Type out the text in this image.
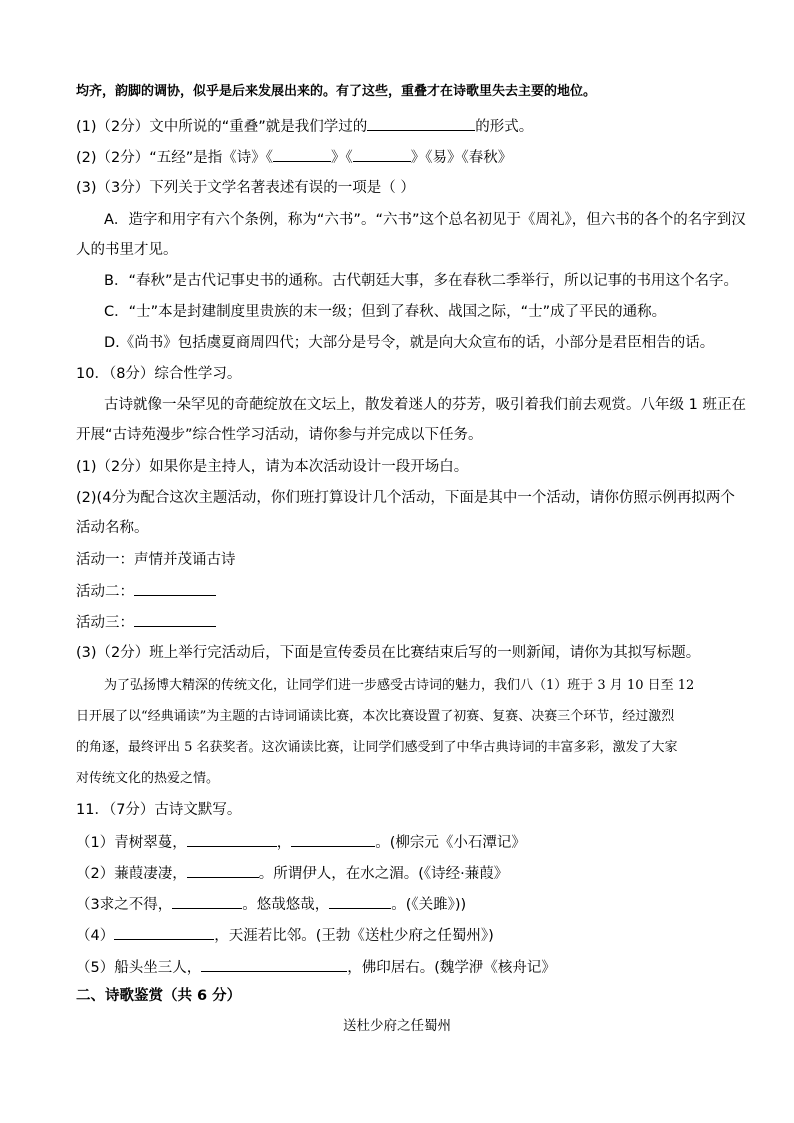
均齐，韵脚的调协，似乎是后来发展出来的。有了这些，重叠才在诗歌里失去主要的地位。
(1)（2分）文中所说的“重叠”就是我们学过的	的形式。
(2)（2分）“五经”是指《诗》《	》《	》《易》《春秋》
(3)（3分）下列关于文学名著表述有误的一项是（ ）
A．造字和用字有六个条例，称为“六书”。“六书”这个总名初见于《周礼》，但六书的各个的名字到汉
人的书里才见。
B．“春秋”是古代记事史书的通称。古代朝廷大事，多在春秋二季举行，所以记事的书用这个名字。
C．“士”本是封建制度里贵族的末一级；但到了春秋、战国之际，“士”成了平民的通称。
D.《尚书》包括虞夏商周四代；大部分是号令，就是向大众宣布的话，小部分是君臣相告的话。
10．（8分）综合性学习。
古诗就像一朵罕见的奇葩绽放在文坛上，散发着迷人的芬芳，吸引着我们前去观赏。八年级 1 班正在
开展“古诗苑漫步”综合性学习活动，请你参与并完成以下任务。
(1)（2分）如果你是主持人，请为本次活动设计一段开场白。
(2)(4分为配合这次主题活动，你们班打算设计几个活动，下面是其中一个活动，请你仿照示例再拟两个
活动名称。
活动一：声情并茂诵古诗
活动二：
活动三：
(3)（2分）班上举行完活动后，下面是宣传委员在比赛结束后写的一则新闻，请你为其拟写标题。
为了弘扬博大精深的传统文化，让同学们进一步感受古诗词的魅力，我们八（1）班于 3 月 10 日至 12
日开展了以“经典诵读”为主题的古诗词诵读比赛，本次比赛设置了初赛、复赛、决赛三个环节，经过激烈
的角逐，最终评出 5 名获奖者。这次诵读比赛，让同学们感受到了中华古典诗词的丰富多彩，激发了大家
对传统文化的热爱之情。
11．（7分）古诗文默写。
（1）青树翠蔓，	，	。(柳宗元《小石潭记》
（2）蒹葭凄凄，	。所谓伊人，在水之湄。(《诗经·蒹葭》
（3求之不得，	。悠哉悠哉，	。(《关雎》))
（4）	，天涯若比邻。(王勃《送杜少府之任蜀州》)
（5）船头坐三人，	，佛印居右。(魏学洢《核舟记》
二、诗歌鉴赏（共 6 分）
送杜少府之任蜀州
